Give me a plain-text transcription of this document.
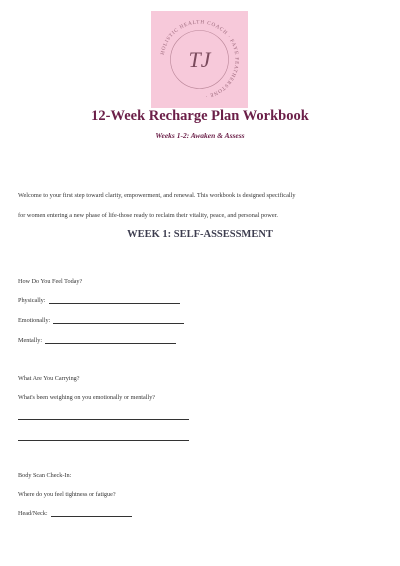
HOLISTIC HEALTH COACH · FAYE FEATHERSTONE ·
TJ
12-Week Recharge Plan Workbook
Weeks 1-2: Awaken & Assess
Welcome to your first step toward clarity, empowerment, and renewal. This workbook is designed specifically
for women entering a new phase of life-those ready to reclaim their vitality, peace, and personal power.
WEEK 1: SELF-ASSESSMENT
How Do You Feel Today?
Physically:
Emotionally:
Mentally:
What Are You Carrying?
What's been weighing on you emotionally or mentally?
Body Scan Check-In:
Where do you feel tightness or fatigue?
Head/Neck:
